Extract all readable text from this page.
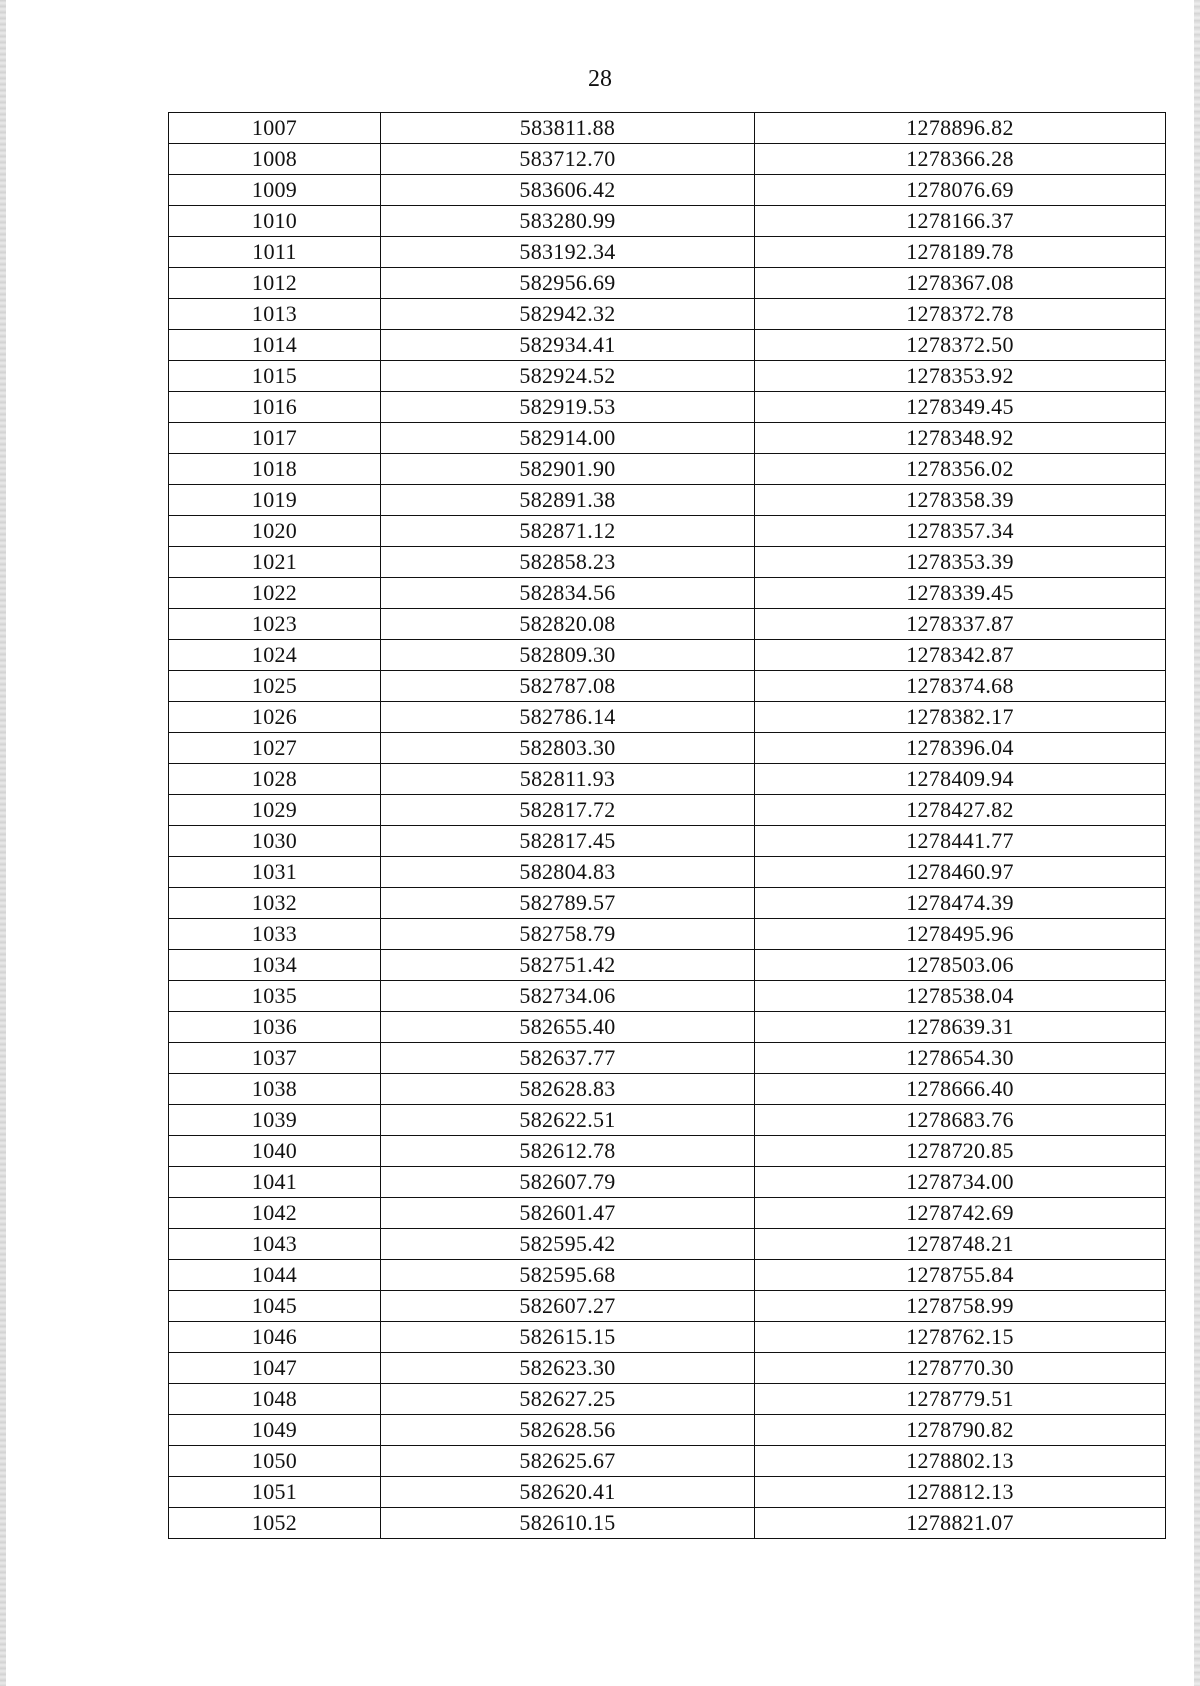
28
1007	583811.88	1278896.82
1008	583712.70	1278366.28
1009	583606.42	1278076.69
1010	583280.99	1278166.37
1011	583192.34	1278189.78
1012	582956.69	1278367.08
1013	582942.32	1278372.78
1014	582934.41	1278372.50
1015	582924.52	1278353.92
1016	582919.53	1278349.45
1017	582914.00	1278348.92
1018	582901.90	1278356.02
1019	582891.38	1278358.39
1020	582871.12	1278357.34
1021	582858.23	1278353.39
1022	582834.56	1278339.45
1023	582820.08	1278337.87
1024	582809.30	1278342.87
1025	582787.08	1278374.68
1026	582786.14	1278382.17
1027	582803.30	1278396.04
1028	582811.93	1278409.94
1029	582817.72	1278427.82
1030	582817.45	1278441.77
1031	582804.83	1278460.97
1032	582789.57	1278474.39
1033	582758.79	1278495.96
1034	582751.42	1278503.06
1035	582734.06	1278538.04
1036	582655.40	1278639.31
1037	582637.77	1278654.30
1038	582628.83	1278666.40
1039	582622.51	1278683.76
1040	582612.78	1278720.85
1041	582607.79	1278734.00
1042	582601.47	1278742.69
1043	582595.42	1278748.21
1044	582595.68	1278755.84
1045	582607.27	1278758.99
1046	582615.15	1278762.15
1047	582623.30	1278770.30
1048	582627.25	1278779.51
1049	582628.56	1278790.82
1050	582625.67	1278802.13
1051	582620.41	1278812.13
1052	582610.15	1278821.07
